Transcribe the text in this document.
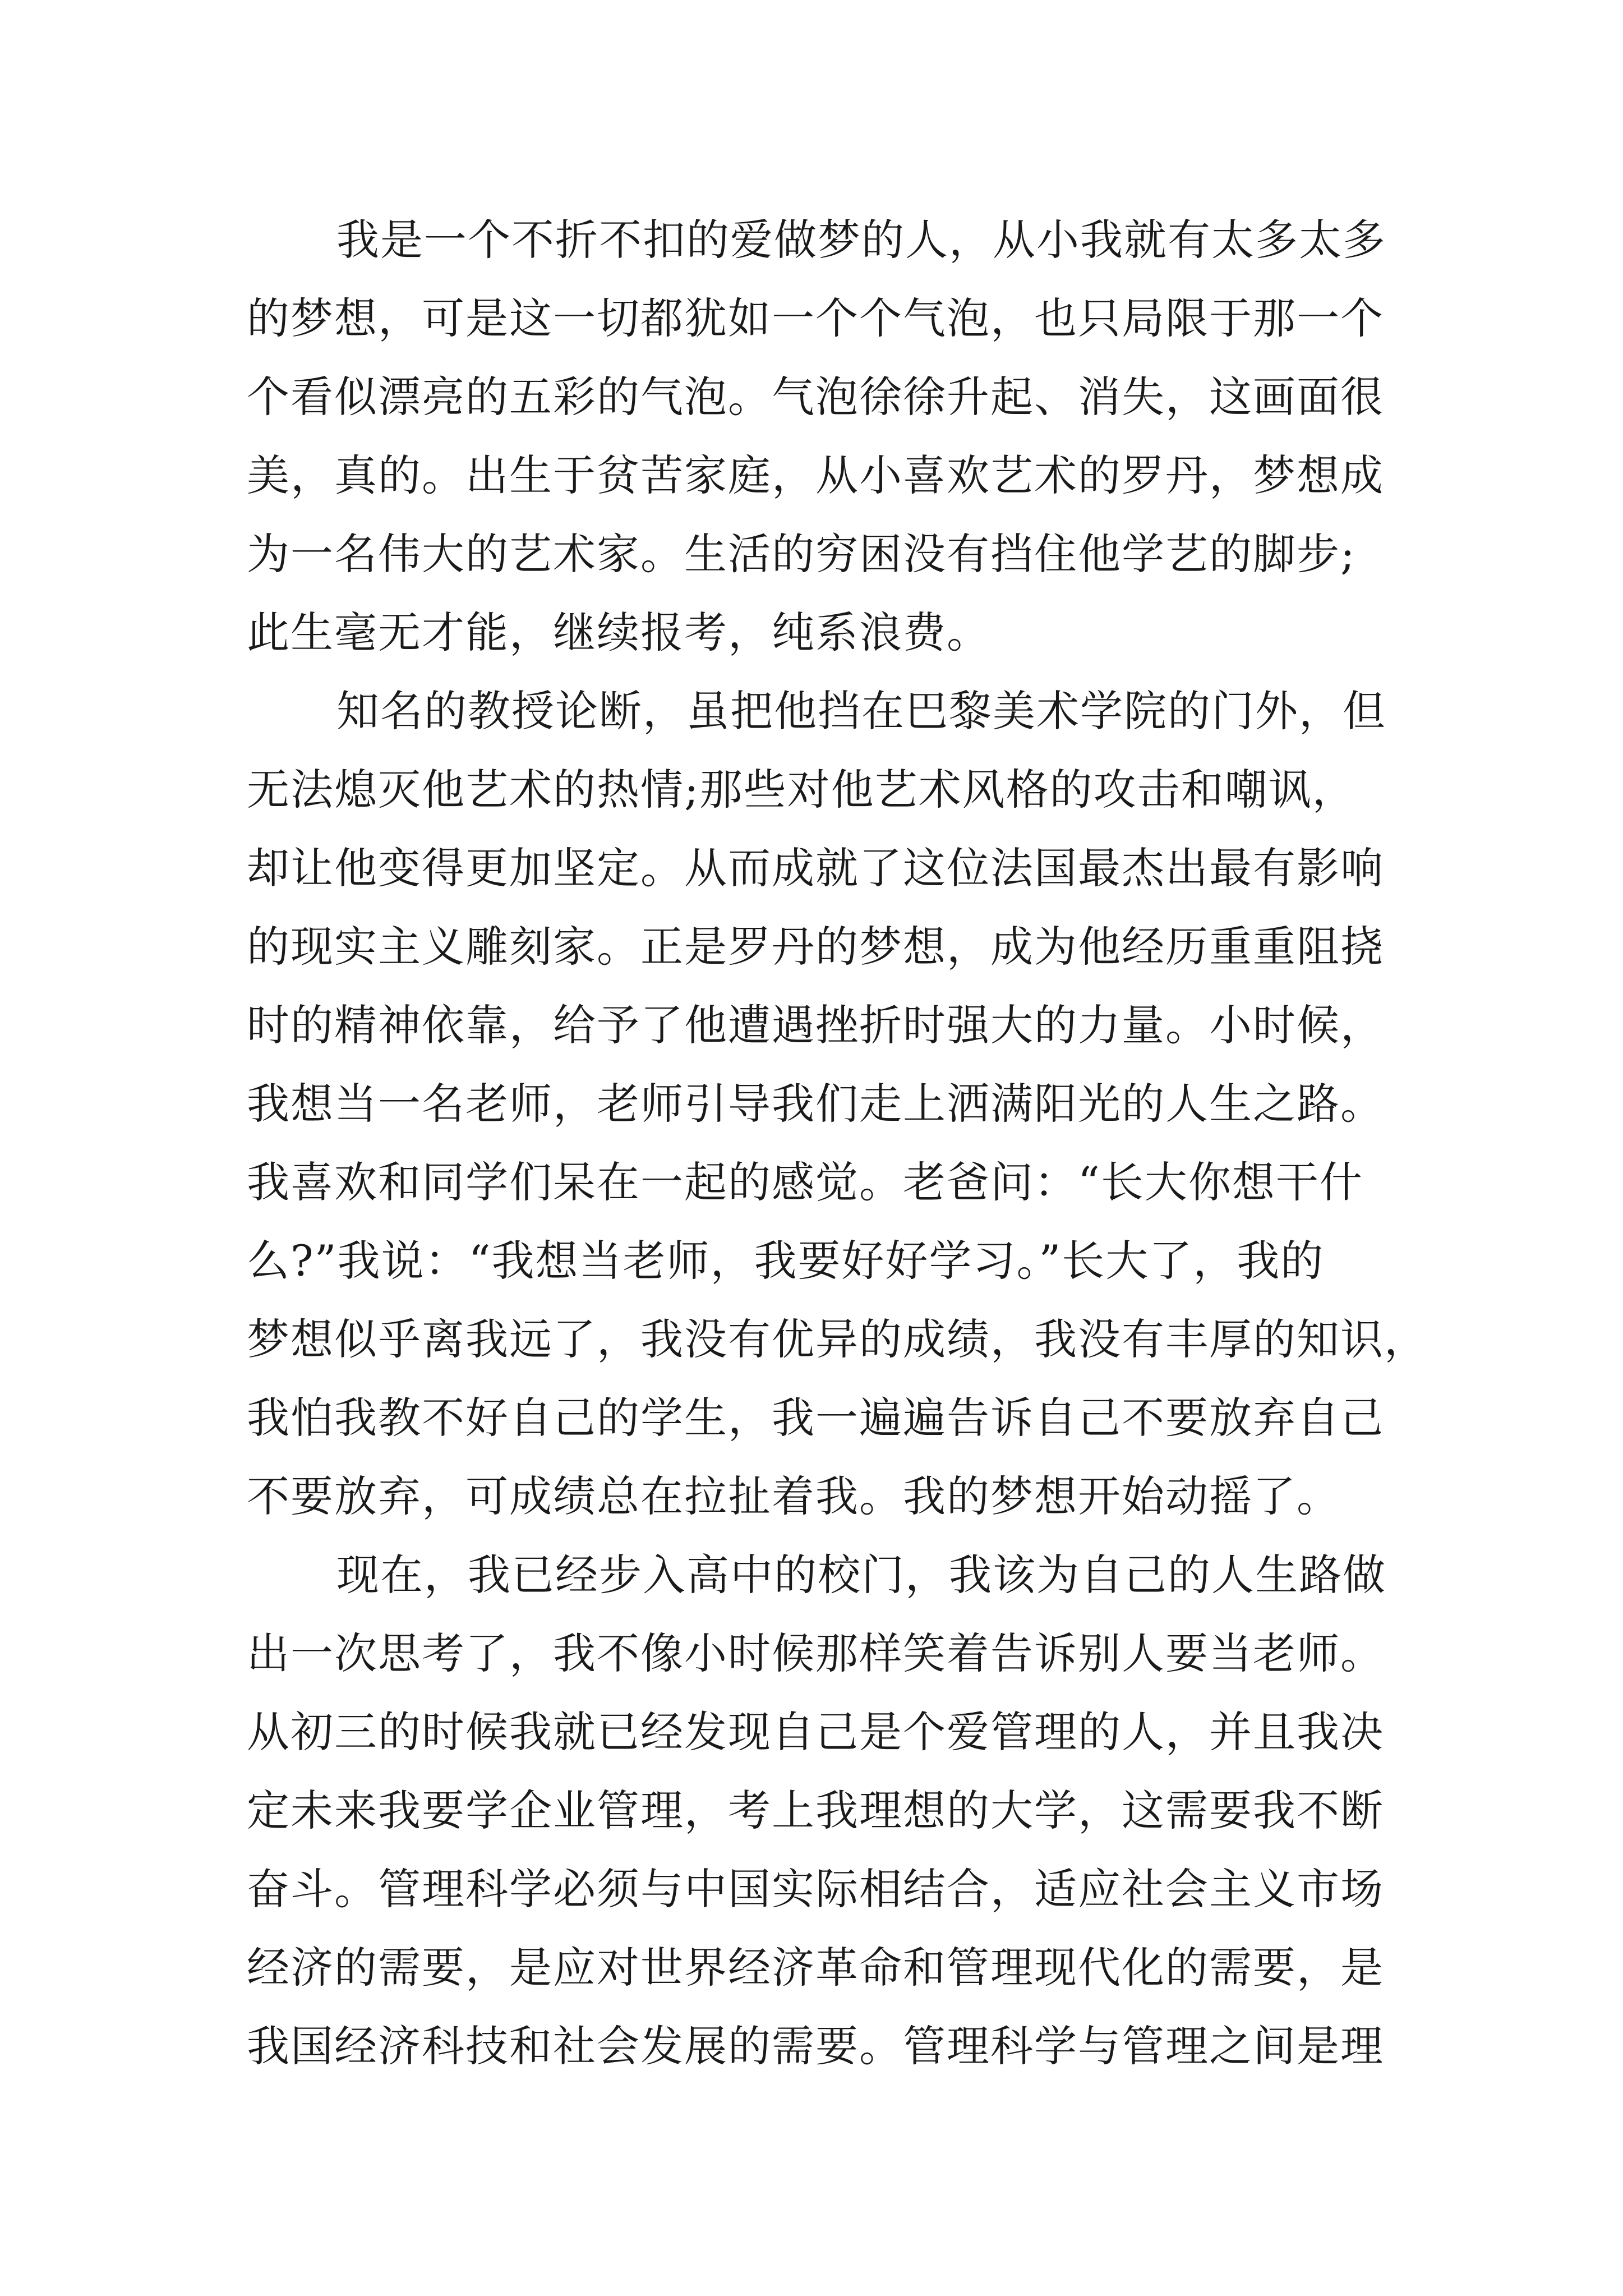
我是一个不折不扣的爱做梦的人，从小我就有太多太多
的梦想，可是这一切都犹如一个个气泡，也只局限于那一个
个看似漂亮的五彩的气泡。气泡徐徐升起、消失，这画面很
美，真的。出生于贫苦家庭，从小喜欢艺术的罗丹，梦想成
为一名伟大的艺术家。生活的穷困没有挡住他学艺的脚步;
此生毫无才能，继续报考，纯系浪费。
知名的教授论断，虽把他挡在巴黎美术学院的门外，但
无法熄灭他艺术的热情;那些对他艺术风格的攻击和嘲讽，
却让他变得更加坚定。从而成就了这位法国最杰出最有影响
的现实主义雕刻家。正是罗丹的梦想，成为他经历重重阻挠
时的精神依靠，给予了他遭遇挫折时强大的力量。小时候，
我想当一名老师，老师引导我们走上洒满阳光的人生之路。
我喜欢和同学们呆在一起的感觉。老爸问：“长大你想干什
么?”我说：“我想当老师，我要好好学习。”长大了，我的
梦想似乎离我远了，我没有优异的成绩，我没有丰厚的知识，
我怕我教不好自己的学生，我一遍遍告诉自己不要放弃自己
不要放弃，可成绩总在拉扯着我。我的梦想开始动摇了。
现在，我已经步入高中的校门，我该为自己的人生路做
出一次思考了，我不像小时候那样笑着告诉别人要当老师。
从初三的时候我就已经发现自己是个爱管理的人，并且我决
定未来我要学企业管理，考上我理想的大学，这需要我不断
奋斗。管理科学必须与中国实际相结合，适应社会主义市场
经济的需要，是应对世界经济革命和管理现代化的需要，是
我国经济科技和社会发展的需要。管理科学与管理之间是理
